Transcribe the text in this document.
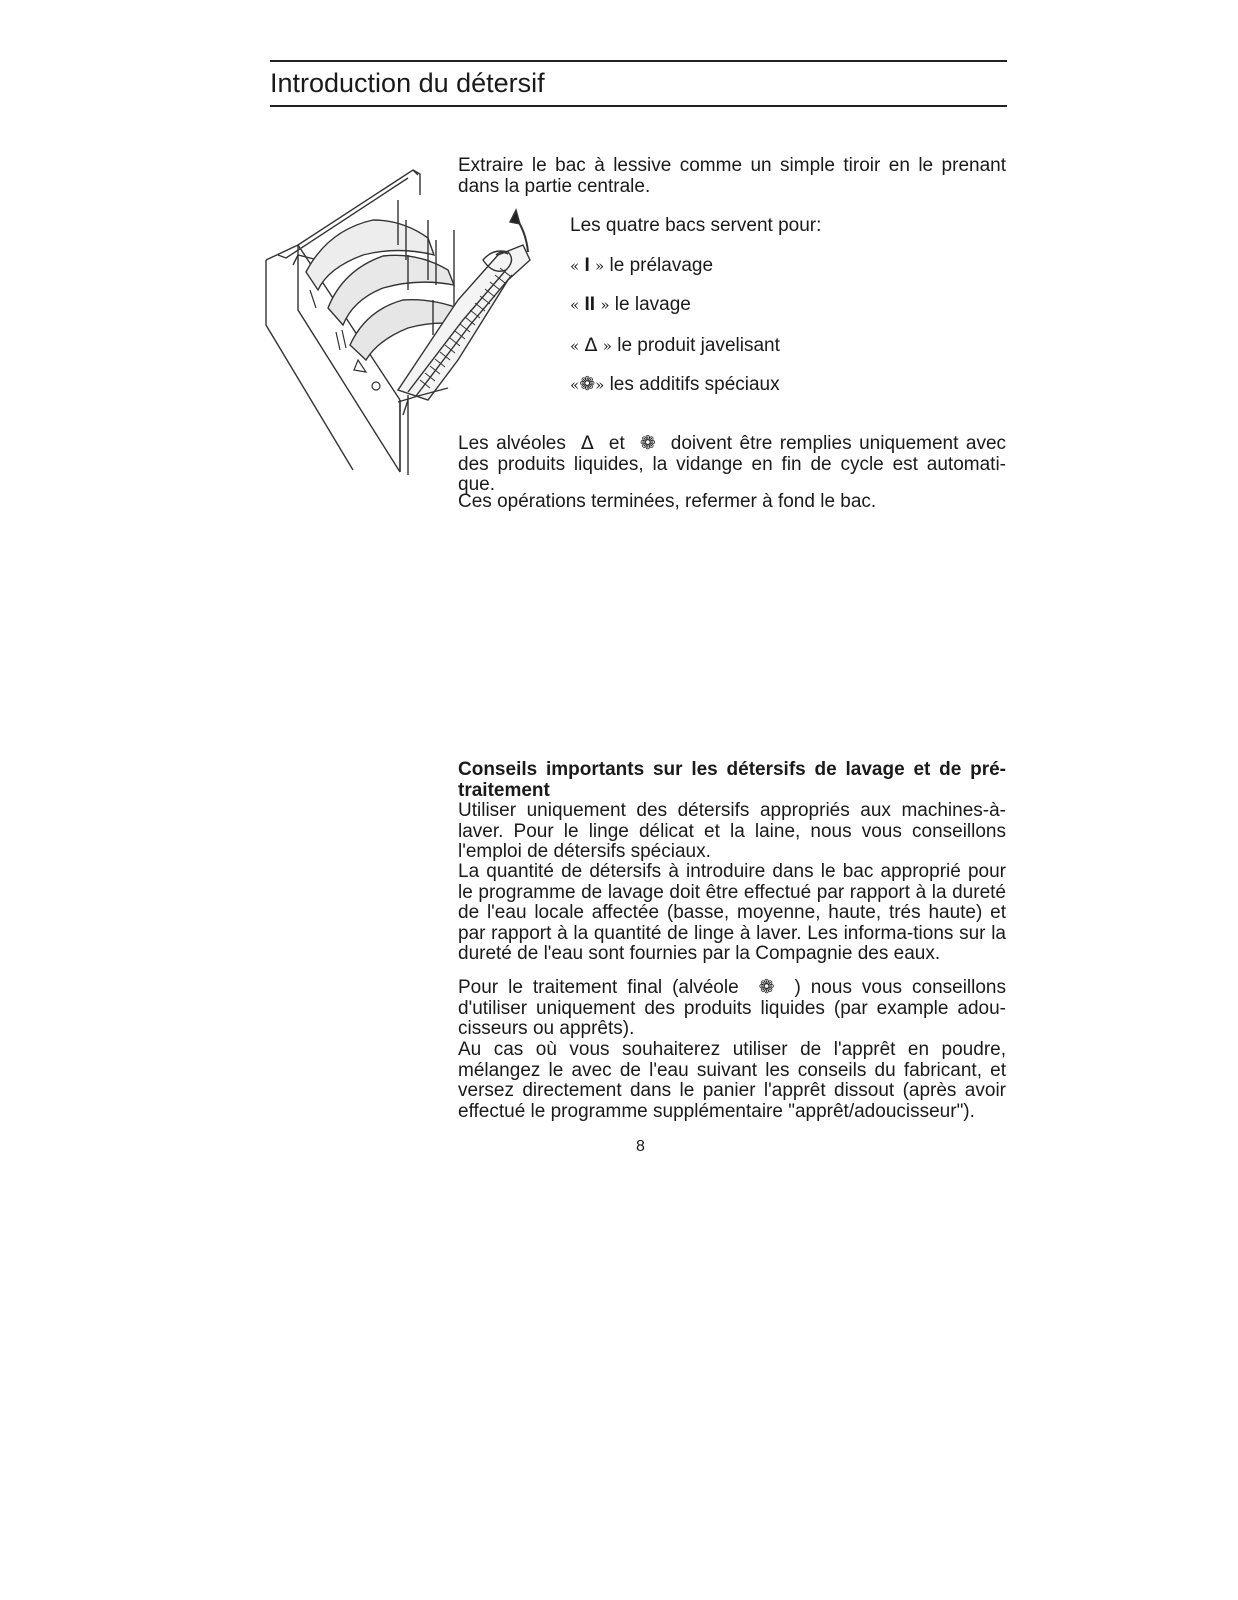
Introduction du détersif

Extraire le bac à lessive comme un simple tiroir en le prenant dans la partie centrale.

Les quatre bacs servent pour:
« I » le prélavage
« II » le lavage
« Δ » le produit javelisant
«❁» les additifs spéciaux

Les alvéoles Δ et ❁ doivent être remplies uniquement avec des produits liquides, la vidange en fin de cycle est automati-que.

Ces opérations terminées, refermer à fond le bac.

Conseils importants sur les détersifs de lavage et de pré-traitement

Utiliser uniquement des détersifs appropriés aux machines-à-laver. Pour le linge délicat et la laine, nous vous conseillons l'emploi de détersifs spéciaux.

La quantité de détersifs à introduire dans le bac approprié pour le programme de lavage doit être effectué par rapport à la dureté de l'eau locale affectée (basse, moyenne, haute, trés haute) et par rapport à la quantité de linge à laver. Les informa-tions sur la dureté de l'eau sont fournies par la Compagnie des eaux.

Pour le traitement final (alvéole ❁ ) nous vous conseillons d'utiliser uniquement des produits liquides (par example adou-cisseurs ou apprêts).

Au cas où vous souhaiterez utiliser de l'apprêt en poudre, mélangez le avec de l'eau suivant les conseils du fabricant, et versez directement dans le panier l'apprêt dissout (après avoir effectué le programme supplémentaire "apprêt/adoucisseur").

8
